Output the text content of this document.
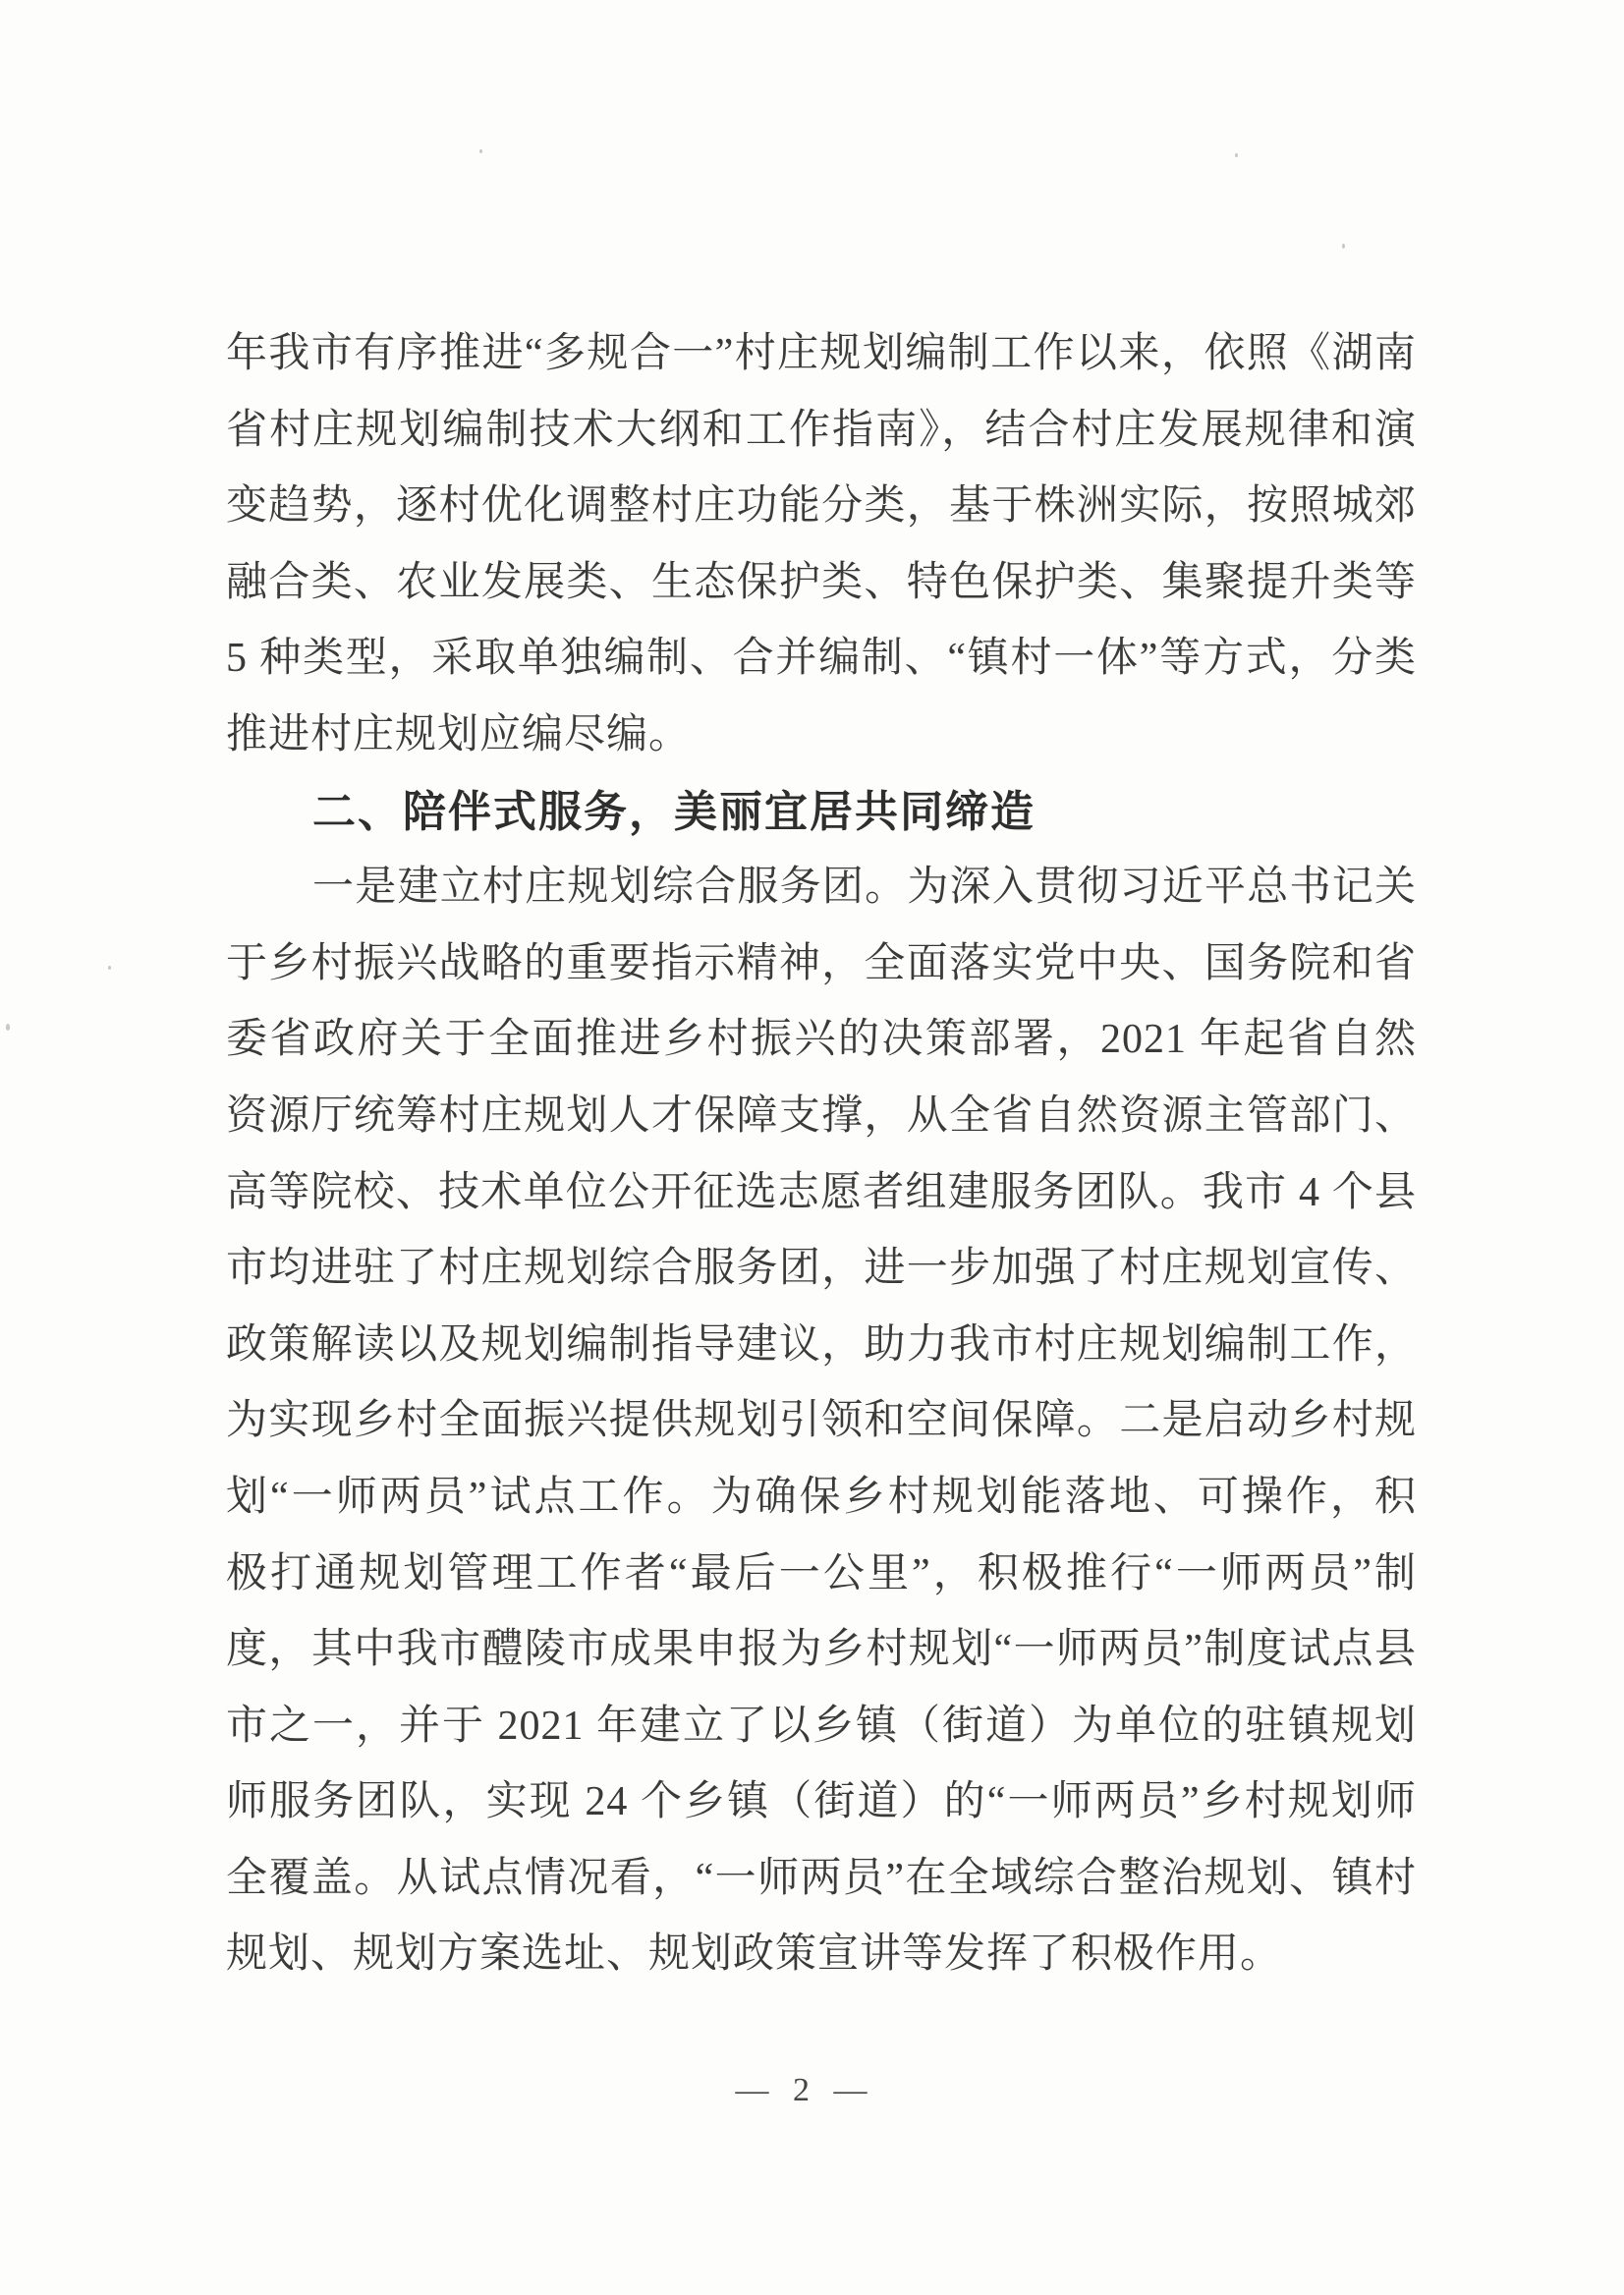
年我市有序推进“多规合一”村庄规划编制工作以来，依照《湖南
省村庄规划编制技术大纲和工作指南》，结合村庄发展规律和演
变趋势，逐村优化调整村庄功能分类，基于株洲实际，按照城郊
融合类、农业发展类、生态保护类、特色保护类、集聚提升类等
5 种类型，采取单独编制、合并编制、“镇村一体”等方式，分类
推进村庄规划应编尽编。
二、陪伴式服务，美丽宜居共同缔造
一是建立村庄规划综合服务团。为深入贯彻习近平总书记关
于乡村振兴战略的重要指示精神，全面落实党中央、国务院和省
委省政府关于全面推进乡村振兴的决策部署，2021 年起省自然
资源厅统筹村庄规划人才保障支撑，从全省自然资源主管部门、
高等院校、技术单位公开征选志愿者组建服务团队。我市 4 个县
市均进驻了村庄规划综合服务团，进一步加强了村庄规划宣传、
政策解读以及规划编制指导建议，助力我市村庄规划编制工作，
为实现乡村全面振兴提供规划引领和空间保障。二是启动乡村规
划“一师两员”试点工作。为确保乡村规划能落地、可操作，积
极打通规划管理工作者“最后一公里”，积极推行“一师两员”制
度，其中我市醴陵市成果申报为乡村规划“一师两员”制度试点县
市之一，并于 2021 年建立了以乡镇（街道）为单位的驻镇规划
师服务团队，实现 24 个乡镇（街道）的“一师两员”乡村规划师
全覆盖。从试点情况看，“一师两员”在全域综合整治规划、镇村
规划、规划方案选址、规划政策宣讲等发挥了积极作用。
— 2 —
